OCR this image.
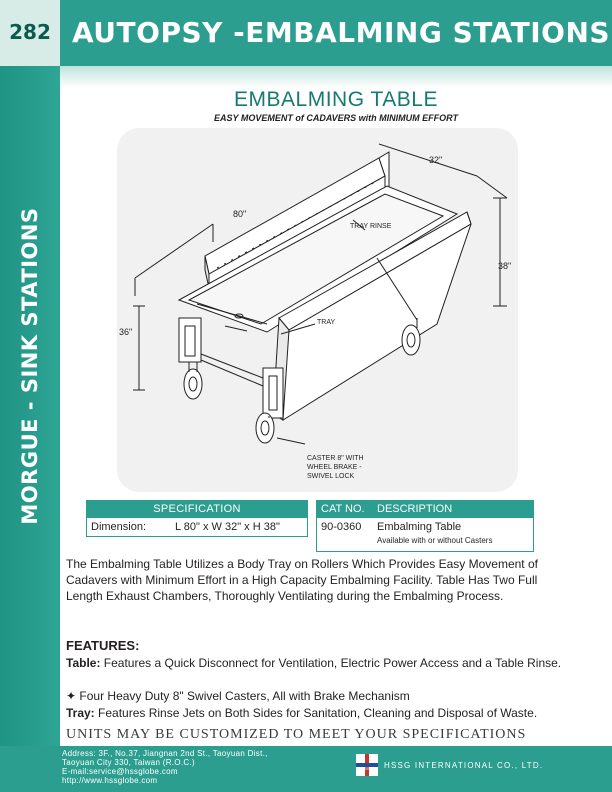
282 AUTOPSY -EMBALMING STATIONS
MORGUE - SINK STATIONS
EMBALMING TABLE
EASY MOVEMENT of CADAVERS with MINIMUM EFFORT
80"
32"
38"
36"
TRAY RINSE
TRAY
CASTER 8" WITH
WHEEL BRAKE -
SWIVEL LOCK
SPECIFICATION
Dimension:	L 80" x W 32" x H 38"
CAT NO. DESCRIPTION
90-0360 Embalming Table
Available with or without Casters
The Embalming Table Utilizes a Body Tray on Rollers Which Provides Easy Movement of Cadavers with Minimum Effort in a High Capacity Embalming Facility. Table Has Two Full Length Exhaust Chambers, Thoroughly Ventilating during the Embalming Process.
FEATURES:
Table: Features a Quick Disconnect for Ventilation, Electric Power Access and a Table Rinse.
✦ Four Heavy Duty 8" Swivel Casters, All with Brake Mechanism
Tray: Features Rinse Jets on Both Sides for Sanitation, Cleaning and Disposal of Waste.
UNITS MAY BE CUSTOMIZED TO MEET YOUR SPECIFICATIONS
Address: 3F., No.37, Jiangnan 2nd St., Taoyuan Dist.,
Taoyuan City 330, Taiwan (R.O.C.)
E-mail:service@hssglobe.com
http://www.hssglobe.com
HSSG HSSG INTERNATIONAL CO., LTD.
